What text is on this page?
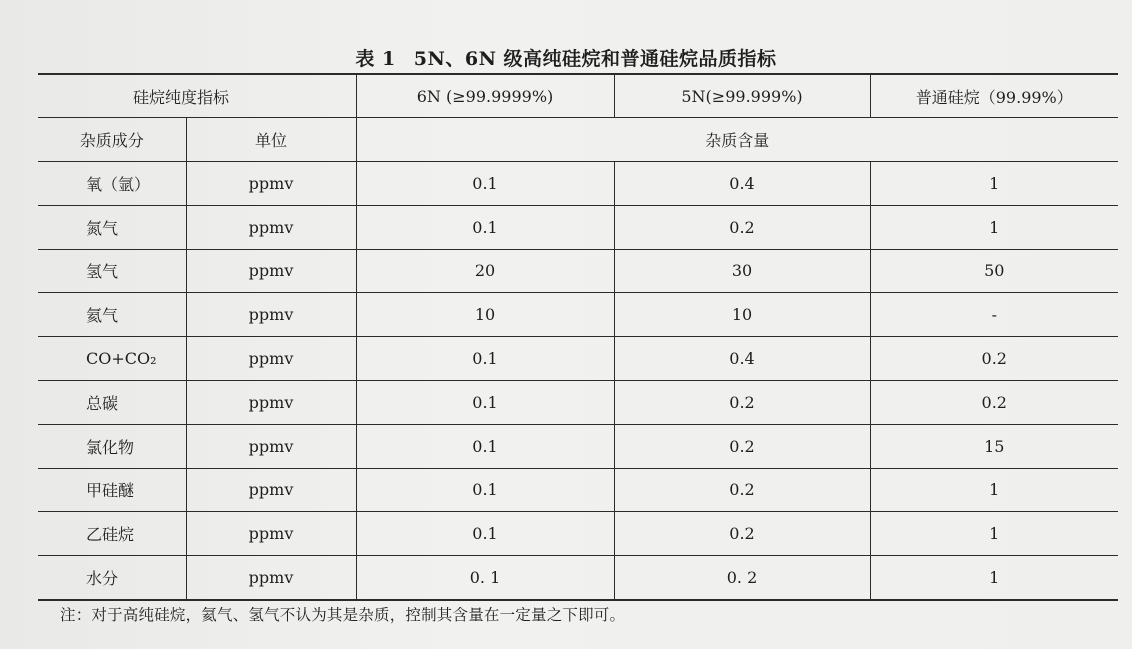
表 1 5N、6N 级高纯硅烷和普通硅烷品质指标
硅烷纯度指标		6N (≥99.9999%)	5N(≥99.999%)	普通硅烷（99.99%）
杂质成分	单位	杂质含量		
氧（氩）	ppmv	0.1	0.4	1
氮气	ppmv	0.1	0.2	1
氢气	ppmv	20	30	50
氦气	ppmv	10	10	-
CO+CO₂	ppmv	0.1	0.4	0.2
总碳	ppmv	0.1	0.2	0.2
氯化物	ppmv	0.1	0.2	15
甲硅醚	ppmv	0.1	0.2	1
乙硅烷	ppmv	0.1	0.2	1
水分	ppmv	0. 1	0. 2	1
注：对于高纯硅烷，氦气、氢气不认为其是杂质，控制其含量在一定量之下即可。
